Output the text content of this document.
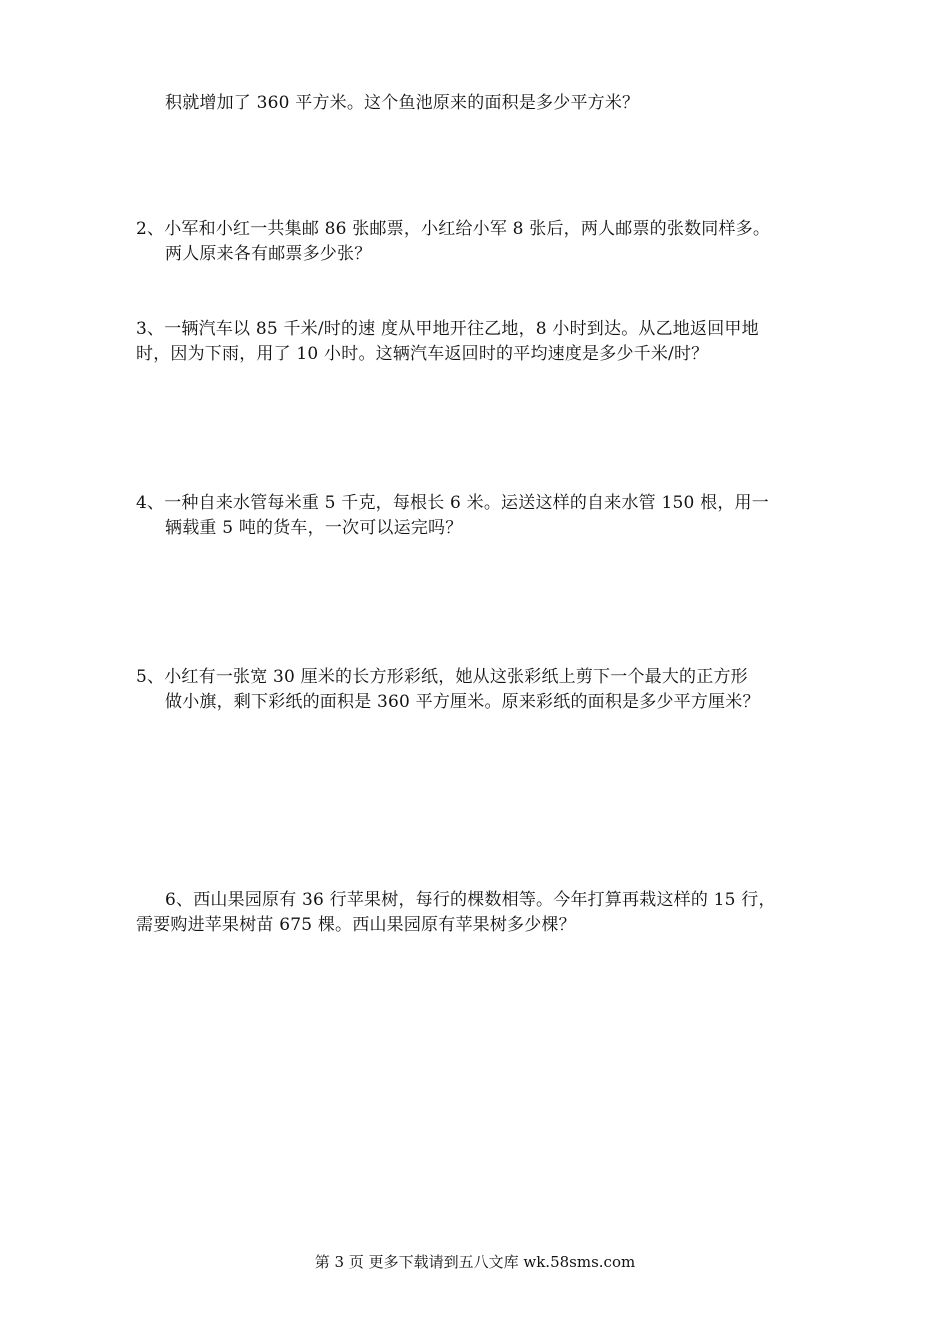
积就增加了 360 平方米。这个鱼池原来的面积是多少平方米？
2、小军和小红一共集邮 86 张邮票，小红给小军 8 张后，两人邮票的张数同样多。
两人原来各有邮票多少张？
3、一辆汽车以 85 千米/时的速 度从甲地开往乙地，8 小时到达。从乙地返回甲地
时，因为下雨，用了 10 小时。这辆汽车返回时的平均速度是多少千米/时？
4、一种自来水管每米重 5 千克，每根长 6 米。运送这样的自来水管 150 根，用一
辆载重 5 吨的货车，一次可以运完吗？
5、小红有一张宽 30 厘米的长方形彩纸，她从这张彩纸上剪下一个最大的正方形
做小旗，剩下彩纸的面积是 360 平方厘米。原来彩纸的面积是多少平方厘米？
6、西山果园原有 36 行苹果树，每行的棵数相等。今年打算再栽这样的 15 行，
需要购进苹果树苗 675 棵。西山果园原有苹果树多少棵？
第 3 页 更多下载请到五八文库 wk.58sms.com
